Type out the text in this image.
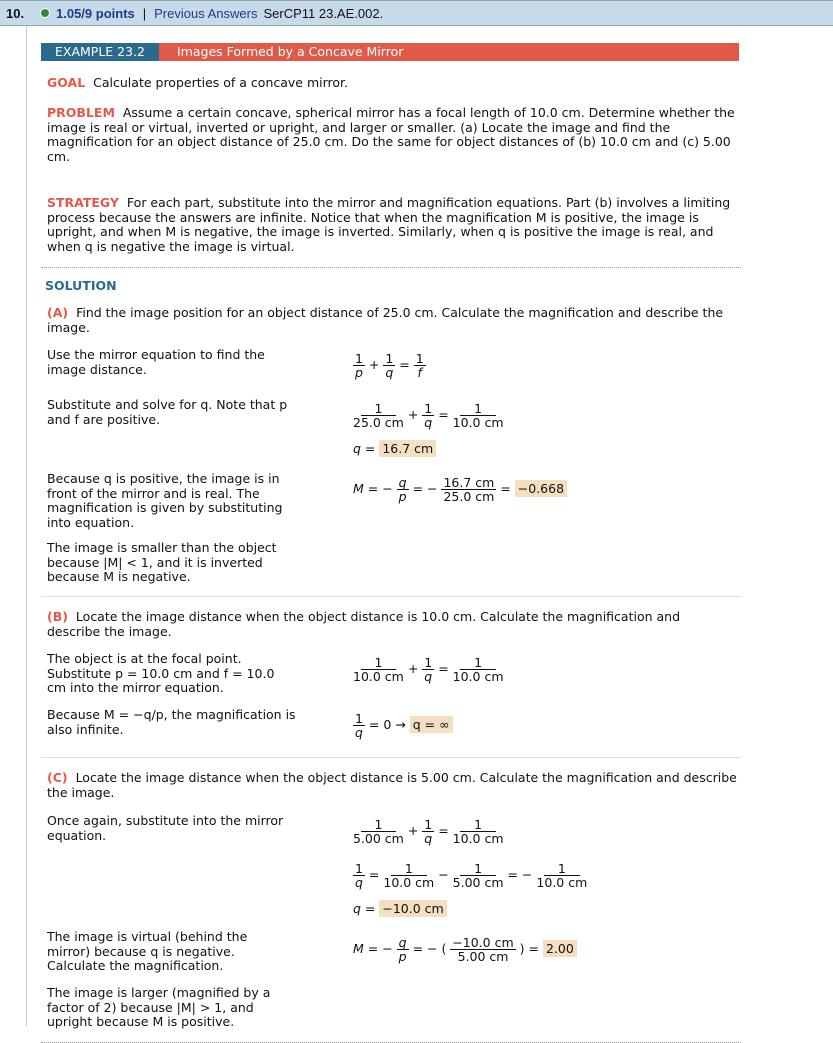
10.	1.05/9 points | Previous Answers SerCP11 23.AE.002.
EXAMPLE 23.2	Images Formed by a Concave Mirror
GOAL Calculate properties of a concave mirror.
PROBLEM Assume a certain concave, spherical mirror has a focal length of 10.0 cm. Determine whether the image is real or virtual, inverted or upright, and larger or smaller. (a) Locate the image and find the magnification for an object distance of 25.0 cm. Do the same for object distances of (b) 10.0 cm and (c) 5.00 cm.
STRATEGY For each part, substitute into the mirror and magnification equations. Part (b) involves a limiting process because the answers are infinite. Notice that when the magnification M is positive, the image is upright, and when M is negative, the image is inverted. Similarly, when q is positive the image is real, and when q is negative the image is virtual.
SOLUTION
(A) Find the image position for an object distance of 25.0 cm. Calculate the magnification and describe the image.
Use the mirror equation to find the image distance.
Substitute and solve for q. Note that p and f are positive.
Because q is positive, the image is in front of the mirror and is real. The magnification is given by substituting into equation.
The image is smaller than the object because |M| < 1, and it is inverted because M is negative.
$\frac{1}{p} + \frac{1}{q} = \frac{1}{f}$
$\frac{1}{25.0 cm} + \frac{1}{q} = \frac{1}{10.0 cm}$
q = 16.7 cm
M = − $\frac{q}{p}$ = − $\frac{16.7 cm}{25.0 cm} = -0.668$
(B) Locate the image distance when the object distance is 10.0 cm. Calculate the magnification and describe the image.
The object is at the focal point. Substitute p = 10.0 cm and f = 10.0 cm into the mirror equation.
Because M = −q/p, the magnification is also infinite.
$\frac{1}{10.0 cm} + \frac{1}{q} = \frac{1}{10.0 cm}$
$\frac{1}{q} = 0 \to q$ = ∞
(C) Locate the image distance when the object distance is 5.00 cm. Calculate the magnification and describe the image.
Once again, substitute into the mirror equation.
The image is virtual (behind the mirror) because q is negative. Calculate the magnification.
The image is larger (magnified by a factor of 2) because |M| > 1, and upright because M is positive.
$\frac{1}{5.00 cm} + \frac{1}{q} = \frac{1}{10.0 cm}$
$\frac{1}{q} = \frac{1}{10.0 cm} - \frac{1}{5.00 cm}$ = − $\frac{1}{10.0 cm}$
q = −10.0 cm
M = − $\frac{q}{p}$ = − ( $\frac{-10.0 cm}{5.00 cm}$ ) = 2.00
